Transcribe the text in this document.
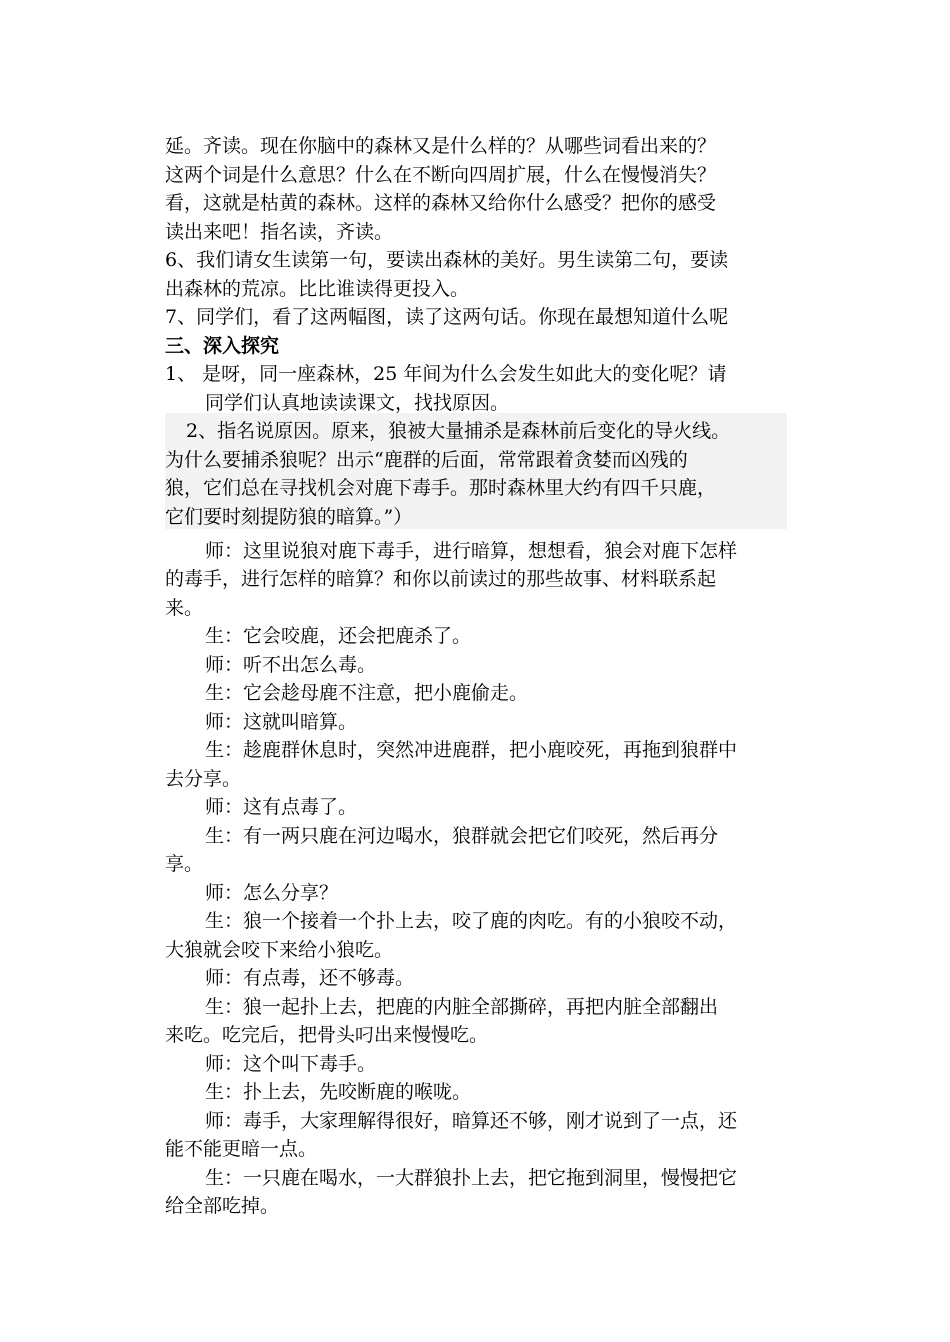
延。齐读。现在你脑中的森林又是什么样的？从哪些词看出来的？
这两个词是什么意思？什么在不断向四周扩展，什么在慢慢消失？
看，这就是枯黄的森林。这样的森林又给你什么感受？把你的感受
读出来吧！指名读，齐读。
6、我们请女生读第一句，要读出森林的美好。男生读第二句，要读
出森林的荒凉。比比谁读得更投入。
7、同学们，看了这两幅图，读了这两句话。你现在最想知道什么呢
三、深入探究
1、 是呀，同一座森林，25 年间为什么会发生如此大的变化呢？请
同学们认真地读读课文，找找原因。
2、指名说原因。原来，狼被大量捕杀是森林前后变化的导火线。
为什么要捕杀狼呢？出示“鹿群的后面，常常跟着贪婪而凶残的
狼，它们总在寻找机会对鹿下毒手。那时森林里大约有四千只鹿，
它们要时刻提防狼的暗算。”）
师：这里说狼对鹿下毒手，进行暗算，想想看，狼会对鹿下怎样
的毒手，进行怎样的暗算？和你以前读过的那些故事、材料联系起
来。
生：它会咬鹿，还会把鹿杀了。
师：听不出怎么毒。
生：它会趁母鹿不注意，把小鹿偷走。
师：这就叫暗算。
生：趁鹿群休息时，突然冲进鹿群，把小鹿咬死，再拖到狼群中
去分享。
师：这有点毒了。
生：有一两只鹿在河边喝水，狼群就会把它们咬死，然后再分
享。
师：怎么分享？
生：狼一个接着一个扑上去，咬了鹿的肉吃。有的小狼咬不动，
大狼就会咬下来给小狼吃。
师：有点毒，还不够毒。
生：狼一起扑上去，把鹿的内脏全部撕碎，再把内脏全部翻出
来吃。吃完后，把骨头叼出来慢慢吃。
师：这个叫下毒手。
生：扑上去，先咬断鹿的喉咙。
师：毒手，大家理解得很好，暗算还不够，刚才说到了一点，还
能不能更暗一点。
生：一只鹿在喝水，一大群狼扑上去，把它拖到洞里，慢慢把它
给全部吃掉。
